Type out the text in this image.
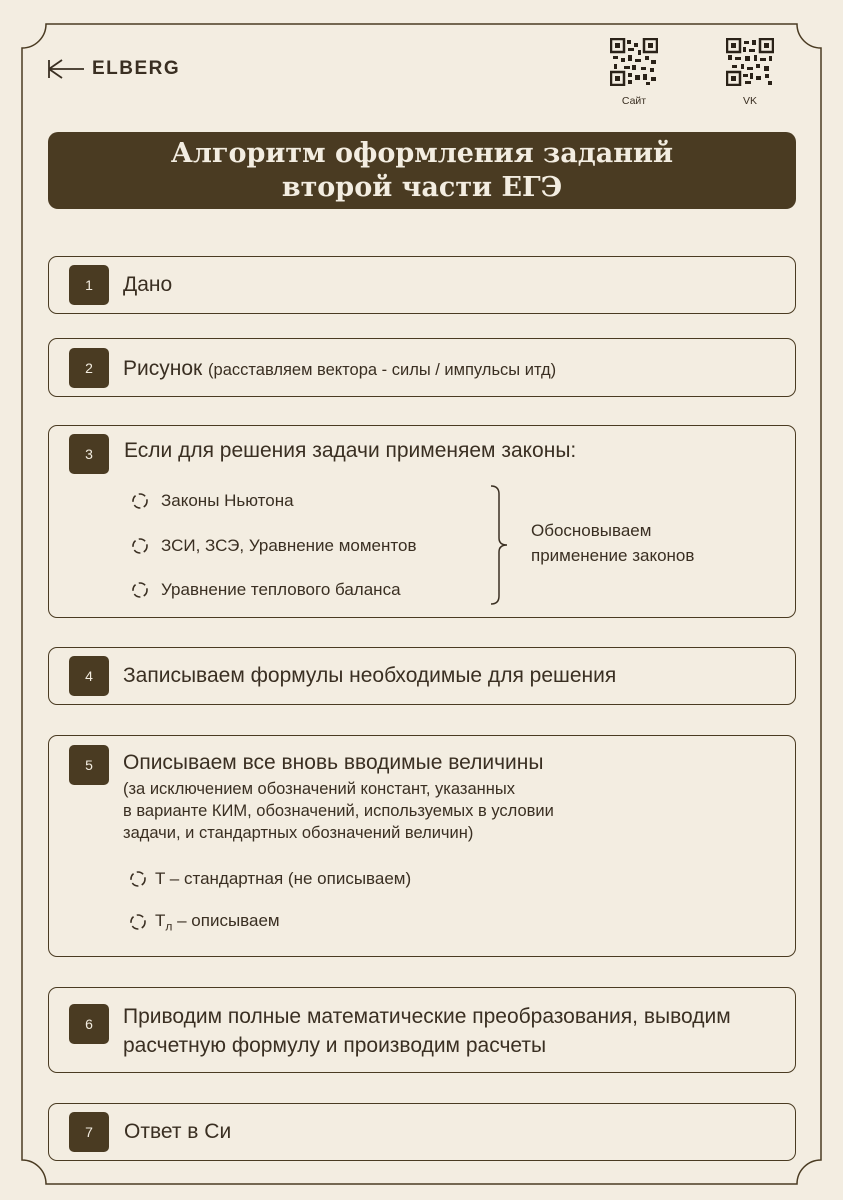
ELBERG
Сайт	VK
Алгоритм оформления заданий
второй части ЕГЭ
1	Дано
2	Рисунок (расставляем вектора - силы / импульсы итд)
3	Если для решения задачи применяем законы:
Законы Ньютона
ЗСИ, ЗСЭ, Уравнение моментов
Уравнение теплового баланса
Обосновываем
применение законов
4	Записываем формулы необходимые для решения
5	Описываем все вновь вводимые величины
(за исключением обозначений констант, указанных
в варианте КИМ, обозначений, используемых в условии
задачи, и стандартных обозначений величин)
T – стандартная (не описываем)
$T_л$ – описываем
6	Приводим полные математические преобразования, выводим
расчетную формулу и производим расчеты
7	Ответ в Си
